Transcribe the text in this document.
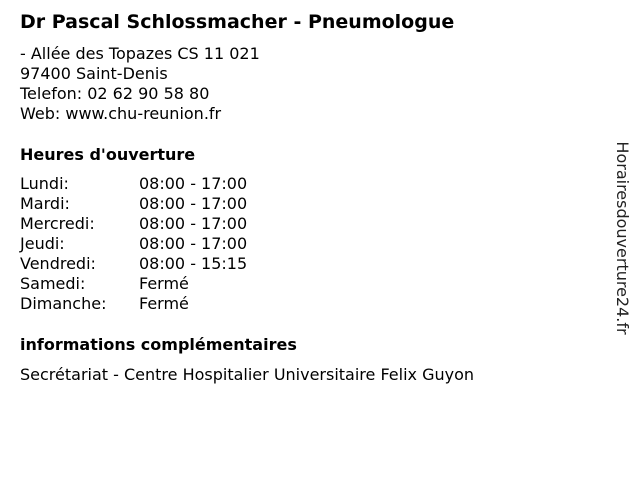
Dr Pascal Schlossmacher - Pneumologue
- Allée des Topazes CS 11 021
97400 Saint-Denis
Telefon: 02 62 90 58 80
Web: www.chu-reunion.fr
Heures d'ouverture
Lundi:	08:00 - 17:00
Mardi:	08:00 - 17:00
Mercredi:	08:00 - 17:00
Jeudi:	08:00 - 17:00
Vendredi:	08:00 - 15:15
Samedi:	Fermé
Dimanche:	Fermé
informations complémentaires
Secrétariat - Centre Hospitalier Universitaire Felix Guyon
Horairesdouverture24.fr
